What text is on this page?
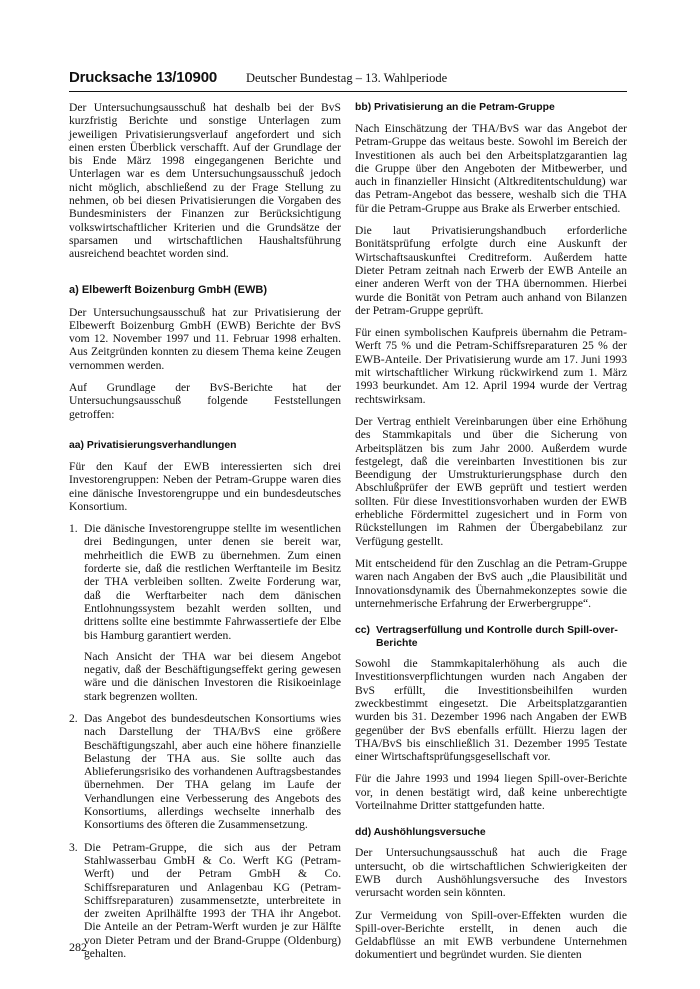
Drucksache 13/10900 Deutscher Bundestag – 13. Wahlperiode

Der Untersuchungsausschuß hat deshalb bei der BvS kurzfristig Berichte und sonstige Unterlagen zum jeweiligen Privatisierungsverlauf angefordert und sich einen ersten Überblick verschafft. Auf der Grundlage der bis Ende März 1998 eingegangenen Berichte und Unterlagen war es dem Untersuchungsausschuß jedoch nicht möglich, abschließend zu der Frage Stellung zu nehmen, ob bei diesen Privatisierungen die Vorgaben des Bundesministers der Finanzen zur Berücksichtigung volkswirtschaftlicher Kriterien und die Grundsätze der sparsamen und wirtschaftlichen Haushaltsführung ausreichend beachtet worden sind.

a) Elbewerft Boizenburg GmbH (EWB)

Der Untersuchungsausschuß hat zur Privatisierung der Elbewerft Boizenburg GmbH (EWB) Berichte der BvS vom 12. November 1997 und 11. Februar 1998 erhalten. Aus Zeitgründen konnten zu diesem Thema keine Zeugen vernommen werden.

Auf Grundlage der BvS-Berichte hat der Untersuchungsausschuß folgende Feststellungen getroffen:

aa) Privatisierungsverhandlungen

Für den Kauf der EWB interessierten sich drei Investorengruppen: Neben der Petram-Gruppe waren dies eine dänische Investorengruppe und ein bundesdeutsches Konsortium.

1. Die dänische Investorengruppe stellte im wesentlichen drei Bedingungen, unter denen sie bereit war, mehrheitlich die EWB zu übernehmen. Zum einen forderte sie, daß die restlichen Werftanteile im Besitz der THA verbleiben sollten. Zweite Forderung war, daß die Werftarbeiter nach dem dänischen Entlohnungssystem bezahlt werden sollten, und drittens sollte eine bestimmte Fahrwassertiefe der Elbe bis Hamburg garantiert werden.

Nach Ansicht der THA war bei diesem Angebot negativ, daß der Beschäftigungseffekt gering gewesen wäre und die dänischen Investoren die Risikoeinlage stark begrenzen wollten.

2. Das Angebot des bundesdeutschen Konsortiums wies nach Darstellung der THA/BvS eine größere Beschäftigungszahl, aber auch eine höhere finanzielle Belastung der THA aus. Sie sollte auch das Ablieferungsrisiko des vorhandenen Auftragsbestandes übernehmen. Der THA gelang im Laufe der Verhandlungen eine Verbesserung des Angebots des Konsortiums, allerdings wechselte innerhalb des Konsortiums des öfteren die Zusammensetzung.

3. Die Petram-Gruppe, die sich aus der Petram Stahlwasserbau GmbH & Co. Werft KG (Petram-Werft) und der Petram GmbH & Co. Schiffsreparaturen und Anlagenbau KG (Petram-Schiffsreparaturen) zusammensetzte, unterbreitete in der zweiten Aprilhälfte 1993 der THA ihr Angebot. Die Anteile an der Petram-Werft wurden je zur Hälfte von Dieter Petram und der Brand-Gruppe (Oldenburg) gehalten.

bb) Privatisierung an die Petram-Gruppe

Nach Einschätzung der THA/BvS war das Angebot der Petram-Gruppe das weitaus beste. Sowohl im Bereich der Investitionen als auch bei den Arbeitsplatzgarantien lag die Gruppe über den Angeboten der Mitbewerber, und auch in finanzieller Hinsicht (Altkreditentschuldung) war das Petram-Angebot das bessere, weshalb sich die THA für die Petram-Gruppe aus Brake als Erwerber entschied.

Die laut Privatisierungshandbuch erforderliche Bonitätsprüfung erfolgte durch eine Auskunft der Wirtschaftsauskunftei Creditreform. Außerdem hatte Dieter Petram zeitnah nach Erwerb der EWB Anteile an einer anderen Werft von der THA übernommen. Hierbei wurde die Bonität von Petram auch anhand von Bilanzen der Petram-Gruppe geprüft.

Für einen symbolischen Kaufpreis übernahm die Petram-Werft 75 % und die Petram-Schiffsreparaturen 25 % der EWB-Anteile. Der Privatisierung wurde am 17. Juni 1993 mit wirtschaftlicher Wirkung rückwirkend zum 1. März 1993 beurkundet. Am 12. April 1994 wurde der Vertrag rechtswirksam.

Der Vertrag enthielt Vereinbarungen über eine Erhöhung des Stammkapitals und über die Sicherung von Arbeitsplätzen bis zum Jahr 2000. Außerdem wurde festgelegt, daß die vereinbarten Investitionen bis zur Beendigung der Umstrukturierungsphase durch den Abschlußprüfer der EWB geprüft und testiert werden sollten. Für diese Investitionsvorhaben wurden der EWB erhebliche Fördermittel zugesichert und in Form von Rückstellungen im Rahmen der Übergabebilanz zur Verfügung gestellt.

Mit entscheidend für den Zuschlag an die Petram-Gruppe waren nach Angaben der BvS auch „die Plausibilität und Innovationsdynamik des Übernahmekonzeptes sowie die unternehmerische Erfahrung der Erwerbergruppe“.

cc) Vertragserfüllung und Kontrolle durch Spill-over-Berichte

Sowohl die Stammkapitalerhöhung als auch die Investitionsverpflichtungen wurden nach Angaben der BvS erfüllt, die Investitionsbeihilfen wurden zweckbestimmt eingesetzt. Die Arbeitsplatzgarantien wurden bis 31. Dezember 1996 nach Angaben der EWB gegenüber der BvS ebenfalls erfüllt. Hierzu lagen der THA/BvS bis einschließlich 31. Dezember 1995 Testate einer Wirtschaftsprüfungsgesellschaft vor.

Für die Jahre 1993 und 1994 liegen Spill-over-Berichte vor, in denen bestätigt wird, daß keine unberechtigte Vorteilnahme Dritter stattgefunden hatte.

dd) Aushöhlungsversuche

Der Untersuchungsausschuß hat auch die Frage untersucht, ob die wirtschaftlichen Schwierigkeiten der EWB durch Aushöhlungsversuche des Investors verursacht worden sein könnten.

Zur Vermeidung von Spill-over-Effekten wurden die Spill-over-Berichte erstellt, in denen auch die Geldabflüsse an mit EWB verbundene Unternehmen dokumentiert und begründet wurden. Sie dienten

282
